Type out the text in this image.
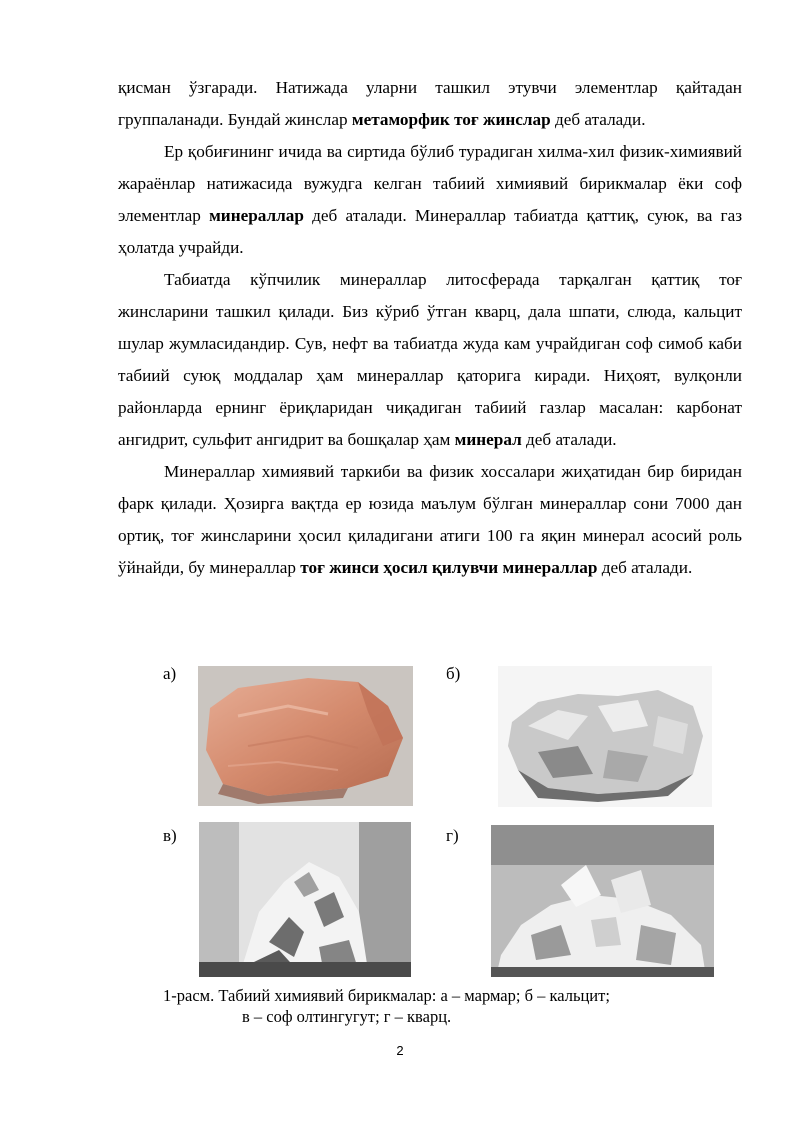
қисман ўзгаради. Натижада уларни ташкил этувчи элементлар қайтадан группаланади. Бундай жинслар метаморфик тоғ жинслар деб аталади.

Ер қобиғининг ичида ва сиртида бўлиб турадиган хилма-хил физик-химиявий жараёнлар натижасида вужудга келган табиий химиявий бирикмалар ёки соф элементлар минераллар деб аталади. Минераллар табиатда қаттиқ, суюк, ва газ ҳолатда учрайди.

Табиатда кўпчилик минераллар литосферада тарқалган қаттиқ тоғ жинсларини ташкил қилади. Биз кўриб ўтган кварц, дала шпати, слюда, кальцит шулар жумласидандир. Сув, нефт ва табиатда жуда кам учрайдиган соф симоб каби табиий суюқ моддалар ҳам минераллар қаторига киради. Ниҳоят, вулқонли районларда ернинг ёриқларидан чиқадиган табиий газлар масалан: карбонат ангидрит, сульфит ангидрит ва бошқалар ҳам минерал деб аталади.

Минераллар химиявий таркиби ва физик хоссалари жиҳатидан бир биридан фарк қилади. Ҳозирга вақтда ер юзида маълум бўлган минераллар сони 7000 дан ортиқ, тоғ жинсларини ҳосил қиладигани атиги 100 га яқин минерал асосий роль ўйнайди, бу минераллар тоғ жинси ҳосил қилувчи минераллар деб аталади.

а)	б)
в)	г)
1-расм. Табиий химиявий бирикмалар: а – мармар; б – кальцит;
в – соф олтингугут; г – кварц.
2
